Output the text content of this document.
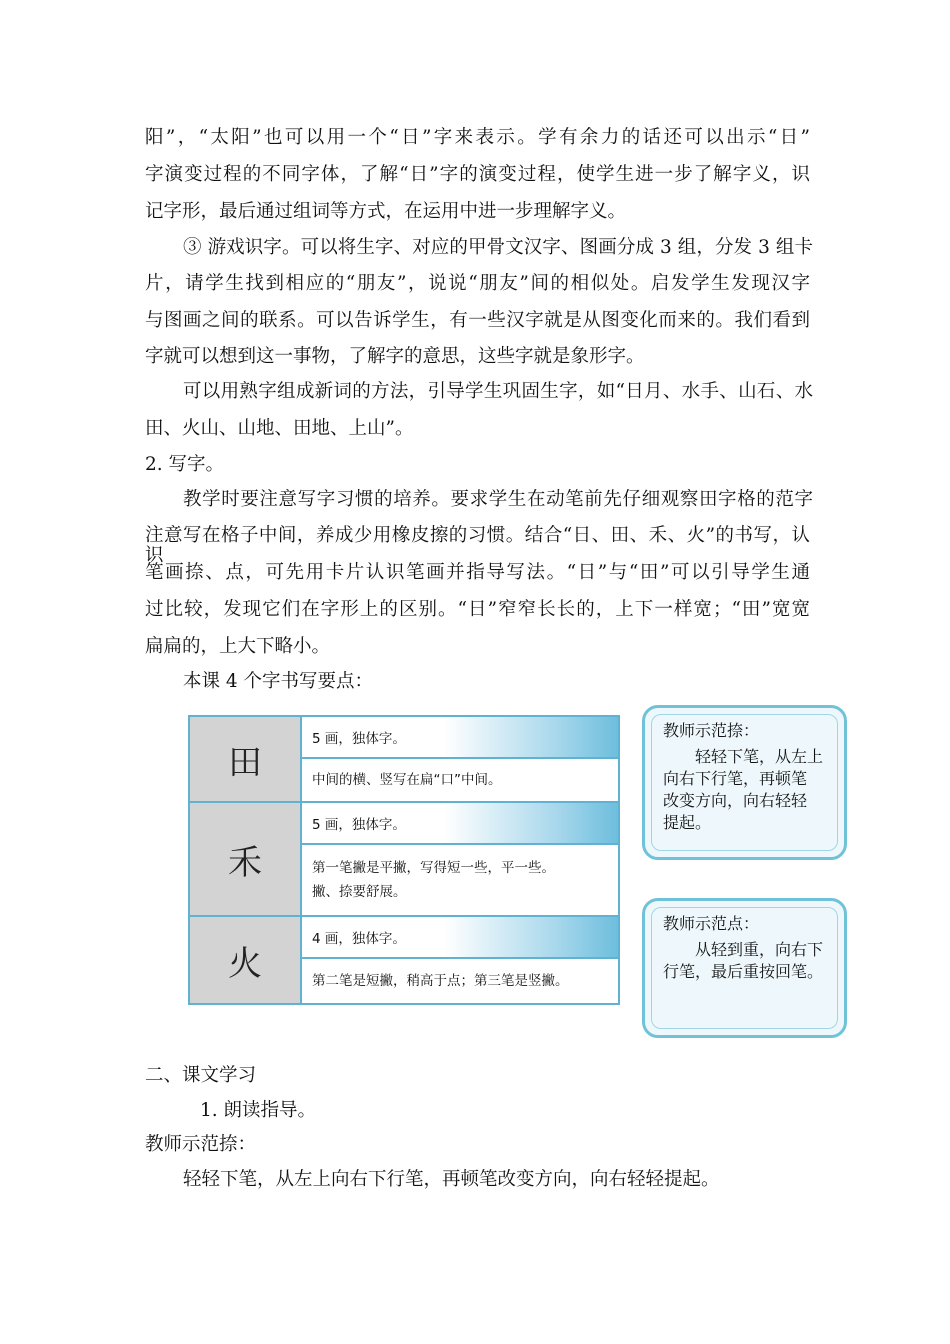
阳”，“太阳”也可以用一个“日”字来表示。学有余力的话还可以出示“日”
字演变过程的不同字体，了解“日”字的演变过程，使学生进一步了解字义，识
记字形，最后通过组词等方式，在运用中进一步理解字义。
③ 游戏识字。可以将生字、对应的甲骨文汉字、图画分成 3 组，分发 3 组卡
片，请学生找到相应的“朋友”，说说“朋友”间的相似处。启发学生发现汉字
与图画之间的联系。可以告诉学生，有一些汉字就是从图变化而来的。我们看到
字就可以想到这一事物，了解字的意思，这些字就是象形字。
可以用熟字组成新词的方法，引导学生巩固生字，如“日月、水手、山石、水
田、火山、山地、田地、上山”。
2. 写字。
教学时要注意写字习惯的培养。要求学生在动笔前先仔细观察田字格的范字
注意写在格子中间，养成少用橡皮擦的习惯。结合“日、田、禾、火”的书写，认识
笔画捺、点，可先用卡片认识笔画并指导写法。“日”与“田”可以引导学生通
过比较，发现它们在字形上的区别。“日”窄窄长长的，上下一样宽；“田”宽宽
扁扁的，上大下略小。
本课 4 个字书写要点：
田
5 画，独体字。
中间的横、竖写在扁“口”中间。
禾
5 画，独体字。
第一笔撇是平撇，写得短一些，平一些。
撇、捺要舒展。
火
4 画，独体字。
第二笔是短撇，稍高于点；第三笔是竖撇。
教师示范捺：
轻轻下笔，从左上向右下行笔，再顿笔 改变方向，向右轻轻 提起。
教师示范点：
从轻到重，向右下行笔，最后重按回笔。
二、课文学习
1. 朗读指导。
教师示范捺：
轻轻下笔，从左上向右下行笔，再顿笔改变方向，向右轻轻提起。
